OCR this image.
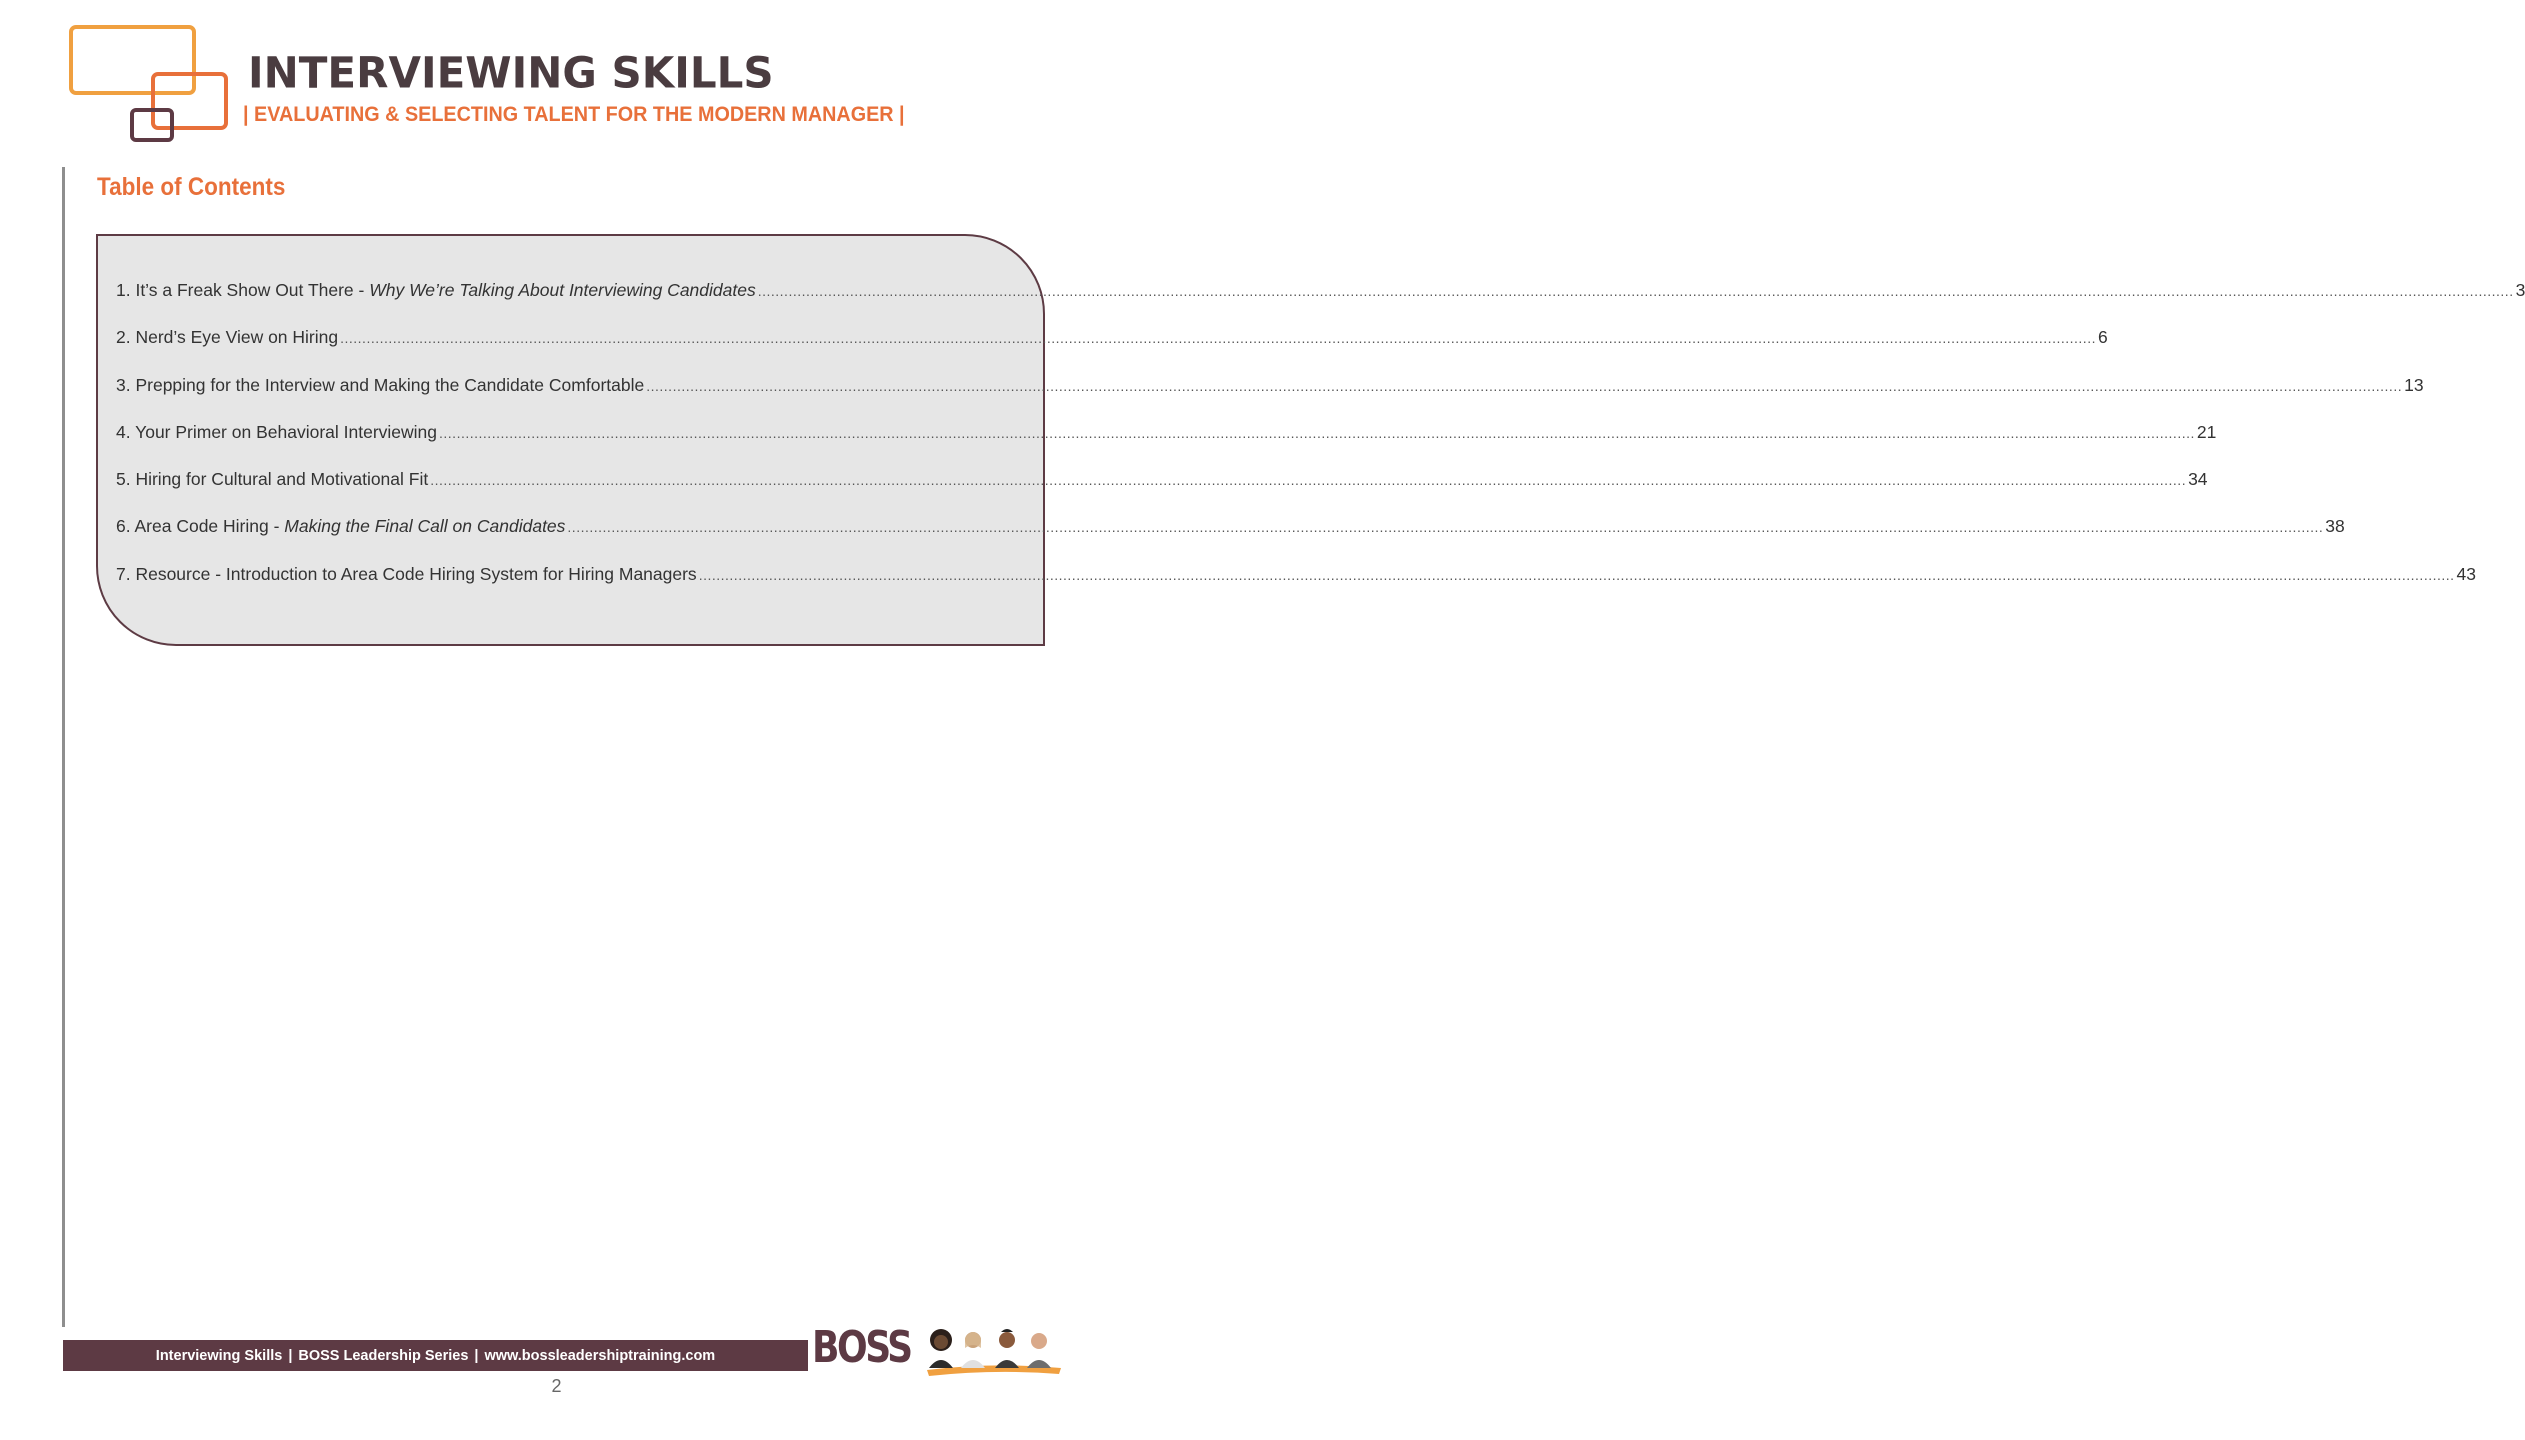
INTERVIEWING SKILLS
| EVALUATING & SELECTING TALENT FOR THE MODERN MANAGER |
Table of Contents
1. It’s a Freak Show Out There - Why We’re Talking About Interviewing Candidates ................................................................................................................................................................................................................................................................................................................................................................................................................ 3
2. Nerd’s Eye View on Hiring ................................................................................................................................................................................................................................................................................................................................................................................................................ 6
3. Prepping for the Interview and Making the Candidate Comfortable ................................................................................................................................................................................................................................................................................................................................................................................................................ 13
4. Your Primer on Behavioral Interviewing ................................................................................................................................................................................................................................................................................................................................................................................................................ 21
5. Hiring for Cultural and Motivational Fit ................................................................................................................................................................................................................................................................................................................................................................................................................ 34
6. Area Code Hiring - Making the Final Call on Candidates ................................................................................................................................................................................................................................................................................................................................................................................................................ 38
7. Resource - Introduction to Area Code Hiring System for Hiring Managers ................................................................................................................................................................................................................................................................................................................................................................................................................ 43
Interviewing Skills | BOSS Leadership Series | www.bossleadershiptraining.com BOSS
2
